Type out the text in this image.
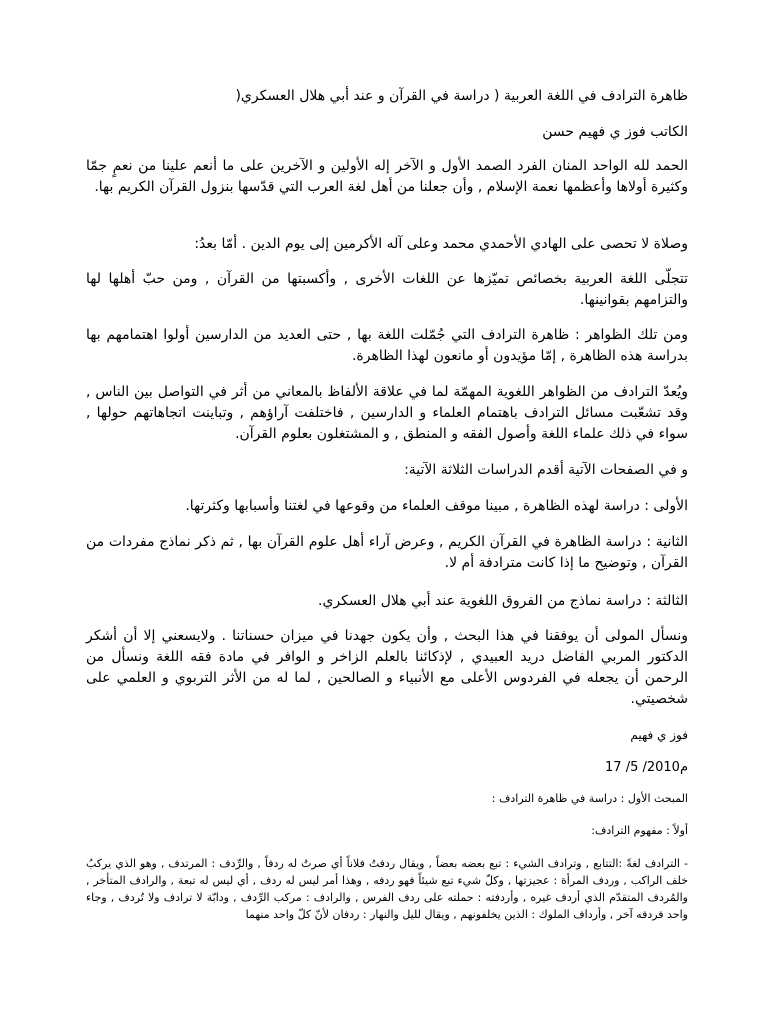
ظاهرة الترادف في اللغة العربية ( دراسة في القرآن و عند أبي هلال العسكري(

الكاتب فوز ي فهيم حسن

الحمد لله الواحد المنان الفرد الصمد الأول و الآخر إله الأولين و الآخرين على ما أنعم علينا من نعمٍ جمّا وكثيرة أولاها وأعظمها نعمة الإسلام , وأن جعلنا من أهل لغة العرب التي قدّسها بنزول القرآن الكريم بها.

وصلاة لا تحصى على الهادي الأحمدي محمد وعلى آله الأكرمين إلى يوم الدين . أمّا بعدُ:

تتجلّى اللغة العربية بخصائص تميّزها عن اللغات الأخرى , وأكسبتها من القرآن , ومن حبّ أهلها لها والتزامهم بقوانينها.

ومن تلك الظواهر : ظاهرة الترادف التي جُمّلت اللغة بها , حتى العديد من الدارسين أولوا اهتمامهم بها بدراسة هذه الظاهرة , إمّا مؤيدون أو مانعون لهذا الظاهرة.

ويُعدّ الترادف من الظواهر اللغوية المهمّة لما في علاقة الألفاظ بالمعاني من أثر في التواصل بين الناس , وقد تشعّبت مسائل الترادف باهتمام العلماء و الدارسين , فاختلفت آراؤهم , وتباينت اتجاهاتهم حولها , سواء في ذلك علماء اللغة وأصول الفقه و المنطق , و المشتغلون بعلوم القرآن.

و في الصفحات الآتية أقدم الدراسات الثلاثة الآتية:

الأولى : دراسة لهذه الظاهرة , مبينا موقف العلماء من وقوعها في لغتنا وأسبابها وكثرتها.

الثانية : دراسة الظاهرة في القرآن الكريم , وعرض آراء أهل علوم القرآن بها , ثم ذكر نماذج مفردات من القرآن , وتوضيح ما إذا كانت مترادفة أم لا.

الثالثة : دراسة نماذج من الفروق اللغوية عند أبي هلال العسكري.

ونسأل المولى أن يوفقنا في هذا البحث , وأن يكون جهدنا في ميزان حسناتنا . ولايسعني إلا أن أشكر الدكتور المربي الفاضل دريد العبيدي , لإذكائنا بالعلم الزاخر و الوافر في مادة فقه اللغة ونسأل من الرحمن أن يجعله في الفردوس الأعلى مع الأنبياء و الصالحين , لما له من الأثر التربوي و العلمي على شخصيتي.

فوز ي فهيم

17 /5 /2010م

المبحث الأول : دراسة في ظاهرة الترادف :

أولاً : مفهوم الترادف:

- الترادف لغةً :التتابع , وترادف الشيء : تبع بعضه بعضاً , ويقال ردفتُ فلاناً أي صرتُ له ردفاً , والرِّدف : المرتدف , وهو الذي يركبُ خلف الراكب , وردف المرأة : عجيزتها , وكلّ شيء تبع شيئاً فهو ردفه , وهذا أمر ليس له ردف , أي ليس له تبعة , والرادف المتأخر , والمُردف المتقدّم الذي أردف غيره , وأردفته : حملته على ردف الفرس , والرادف : مركب الرِّدف , ودابّة لا ترادف ولا تُردف , وجاء واحد فردفه آخر , وأرداف الملوك : الذين يخلفونهم , ويقال لليل والنهار : ردفان لأنّ كلّ واحد منهما
